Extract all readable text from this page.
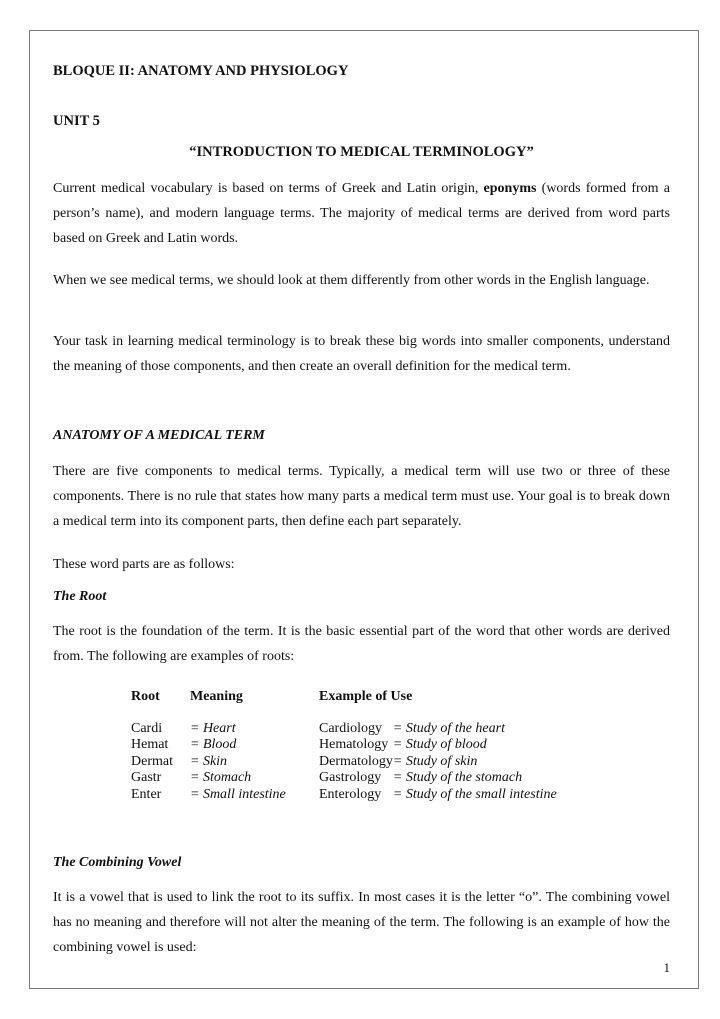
BLOQUE II: ANATOMY AND PHYSIOLOGY
UNIT 5
“INTRODUCTION TO MEDICAL TERMINOLOGY”

Current medical vocabulary is based on terms of Greek and Latin origin, eponyms (words formed from a person’s name), and modern language terms. The majority of medical terms are derived from word parts based on Greek and Latin words.

When we see medical terms, we should look at them differently from other words in the English language.

Your task in learning medical terminology is to break these big words into smaller components, understand the meaning of those components, and then create an overall definition for the medical term.

ANATOMY OF A MEDICAL TERM

There are five components to medical terms. Typically, a medical term will use two or three of these components. There is no rule that states how many parts a medical term must use. Your goal is to break down a medical term into its component parts, then define each part separately.

These word parts are as follows:

The Root

The root is the foundation of the term. It is the basic essential part of the word that other words are derived from. The following are examples of roots:

Root	Meaning	Example of Use	
Cardi	= Heart	Cardiology	= Study of the heart
Hemat	= Blood	Hematology	= Study of blood
Dermat	= Skin	Dermatology	= Study of skin
Gastr	= Stomach	Gastrology	= Study of the stomach
Enter	= Small intestine	Enterology	= Study of the small intestine
The Combining Vowel

It is a vowel that is used to link the root to its suffix. In most cases it is the letter “o”. The combining vowel has no meaning and therefore will not alter the meaning of the term. The following is an example of how the combining vowel is used:

1
